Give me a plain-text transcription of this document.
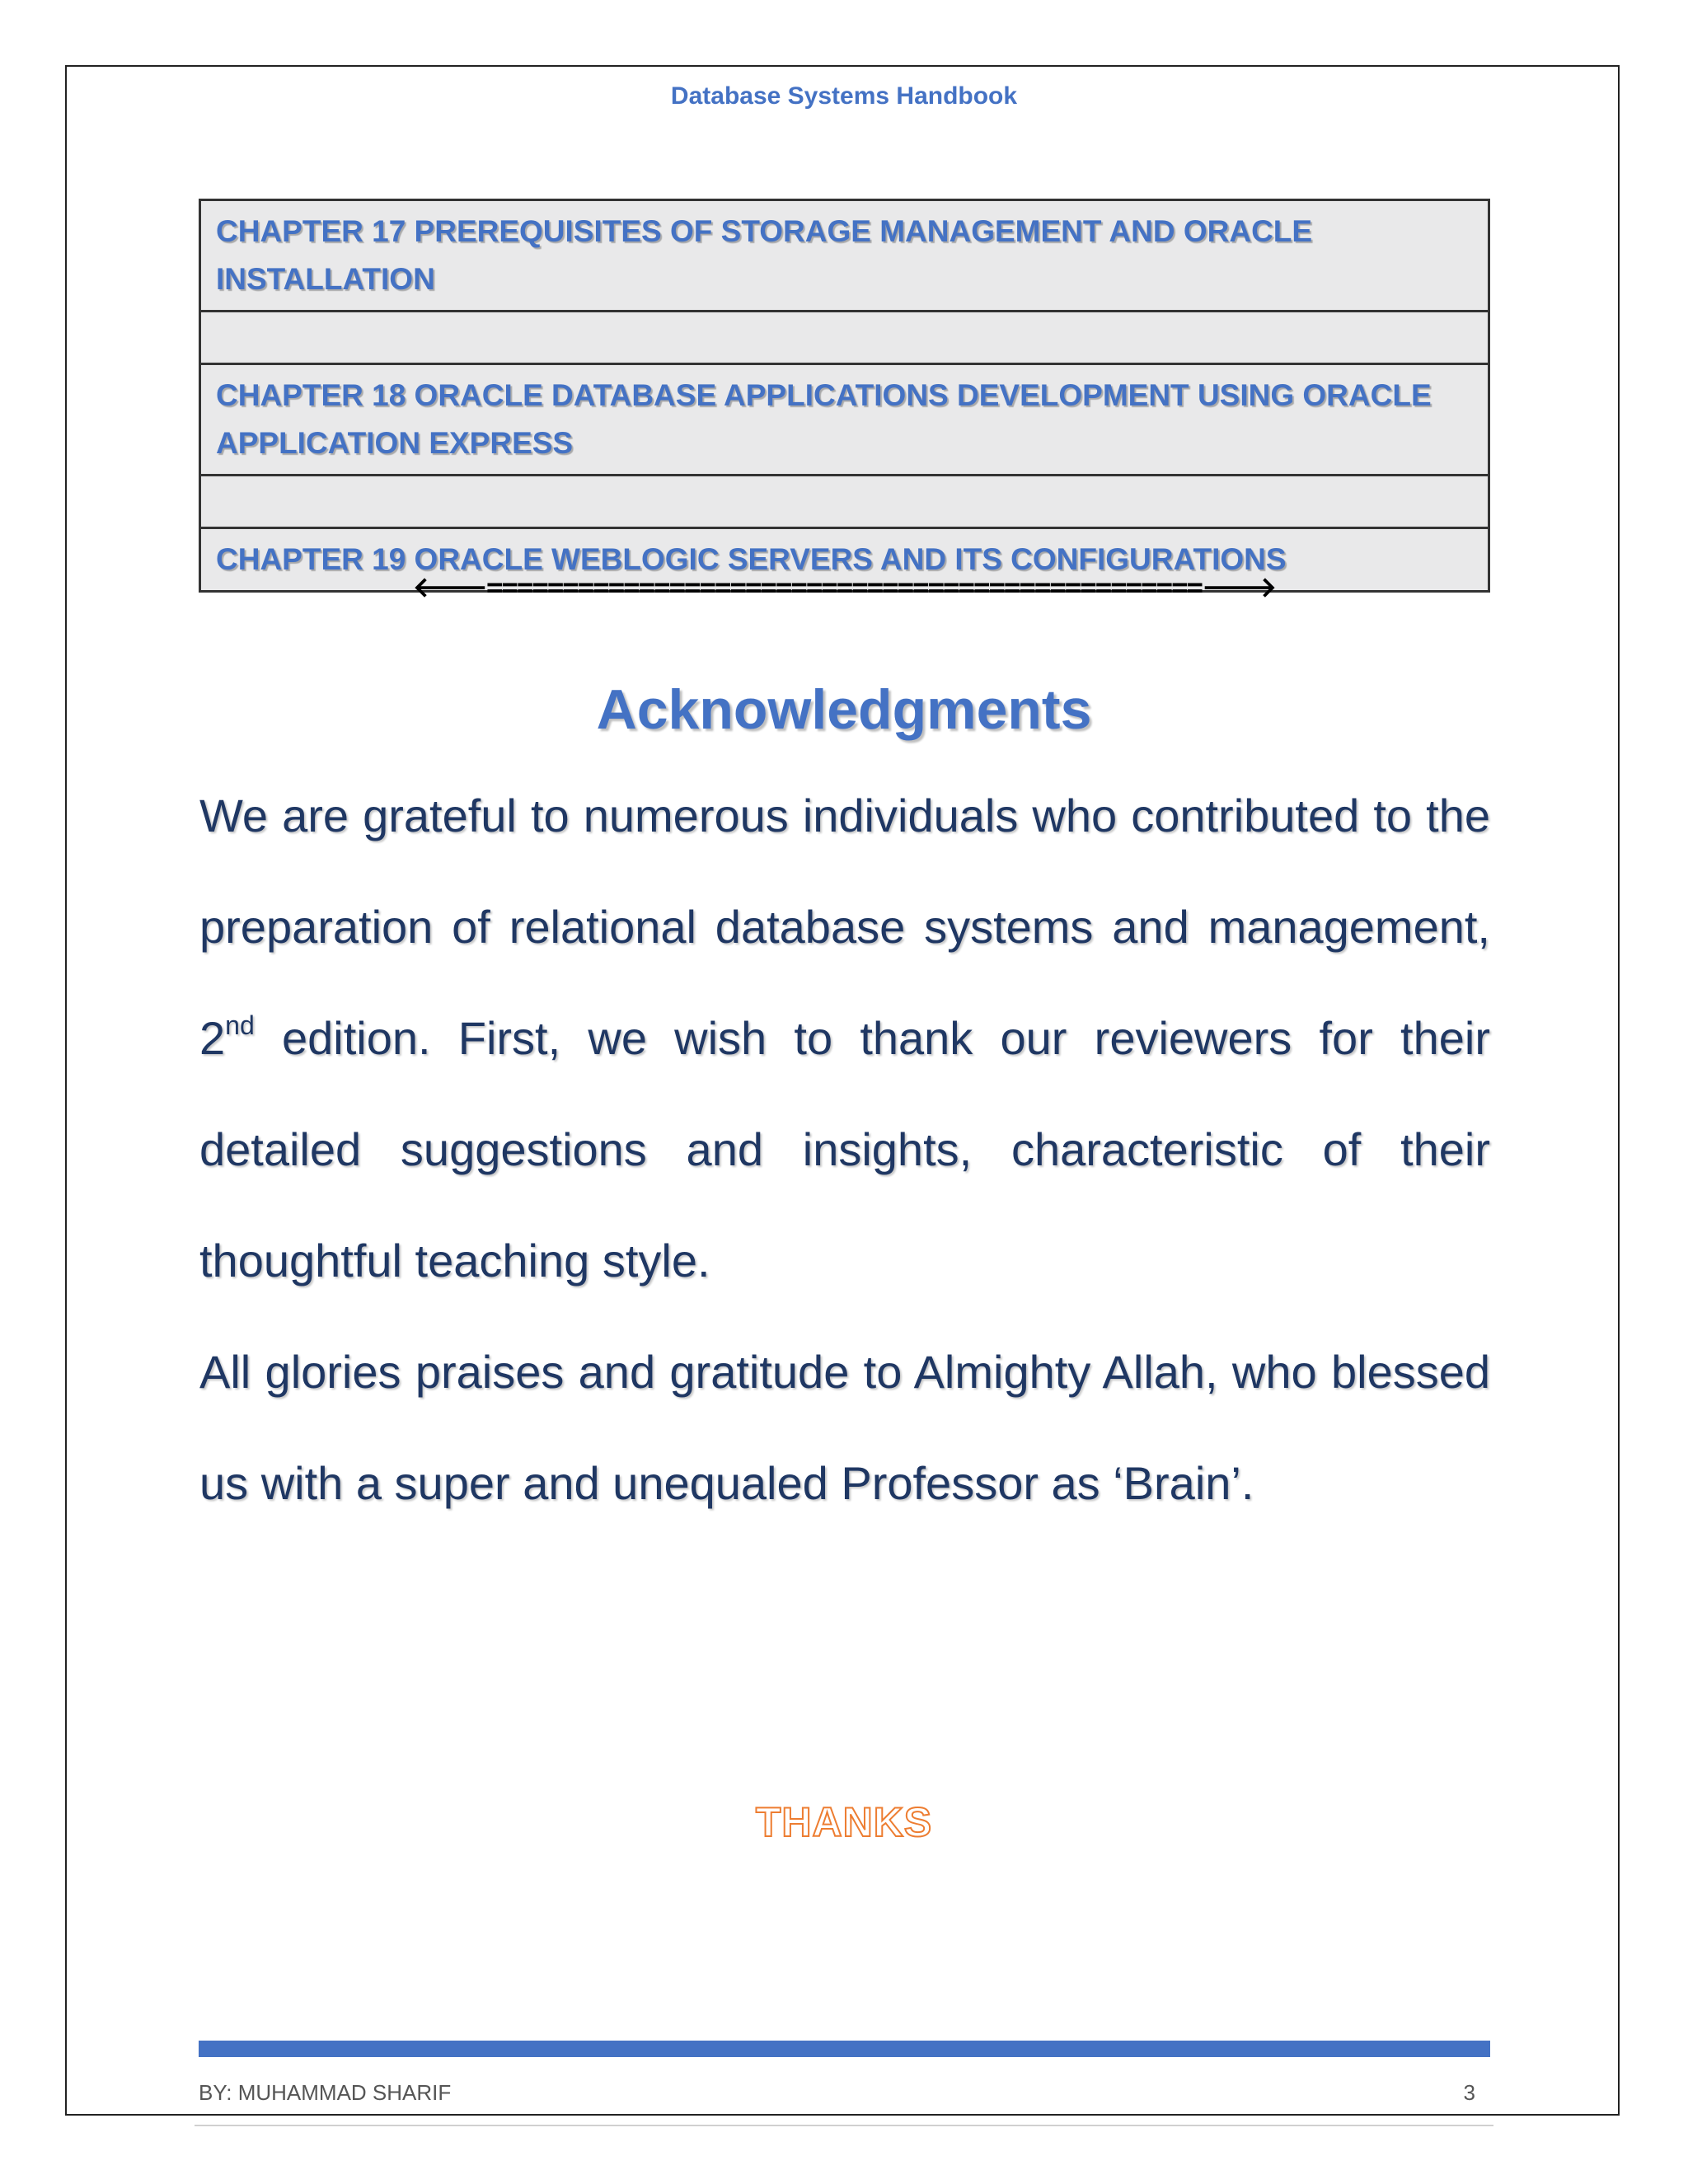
Database Systems Handbook
CHAPTER 17 PREREQUISITES OF STORAGE MANAGEMENT AND ORACLE INSTALLATION
CHAPTER 18 ORACLE DATABASE APPLICATIONS DEVELOPMENT USING ORACLE APPLICATION EXPRESS
CHAPTER 19 ORACLE WEBLOGIC SERVERS AND ITS CONFIGURATIONS
🡐===============================================🡒
Acknowledgments

We are grateful to numerous individuals who contributed to the preparation of relational database systems and management, 2nd edition. First, we wish to thank our reviewers for their detailed suggestions and insights, characteristic of their thoughtful teaching style.

All glories praises and gratitude to Almighty Allah, who blessed us with a super and unequaled Professor as ‘Brain’.

THANKS
BY: MUHAMMAD SHARIF	3
